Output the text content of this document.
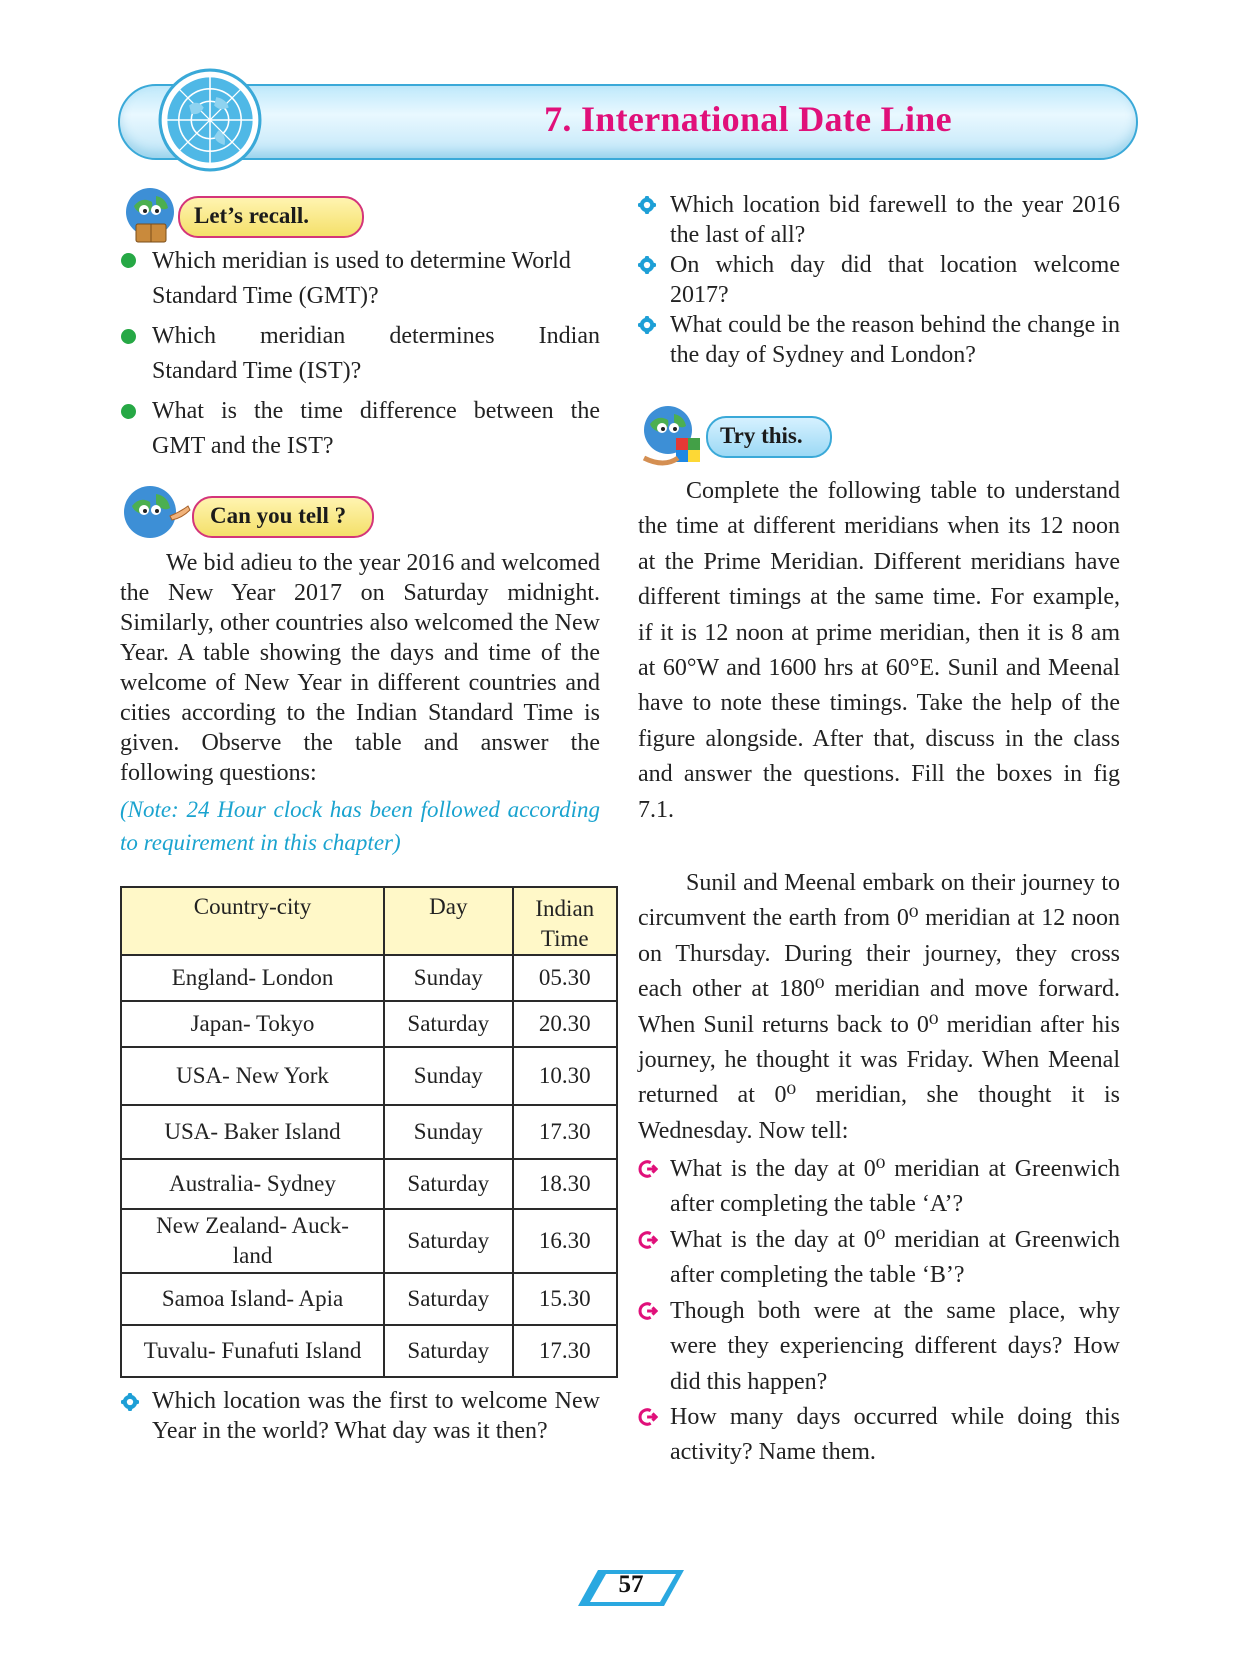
7. International Date Line
Let’s recall.
Which meridian is used to determine World
Standard Time (GMT)?
Which meridian determines Indian
Standard Time (IST)?
What is the time difference between the
GMT and the IST?
Can you tell ?
We bid adieu to the year 2016 and welcomed the New Year 2017 on Saturday midnight. Similarly, other countries also welcomed the New Year. A table showing the days and time of the welcome of New Year in different countries and cities according to the Indian Standard Time is given. Observe the table and answer the following questions:
(Note: 24 Hour clock has been followed according to requirement in this chapter)
Country-city	Day	Indian Time
England- London	Sunday	05.30
Japan- Tokyo	Saturday	20.30
USA- New York	Sunday	10.30
USA- Baker Island	Sunday	17.30
Australia- Sydney	Saturday	18.30
New Zealand- Auck-land	Saturday	16.30
Samoa Island- Apia	Saturday	15.30
Tuvalu- Funafuti Island	Saturday	17.30
Which location was the first to welcome New Year in the world? What day was it then?
Which location bid farewell to the year 2016 the last of all?
On which day did that location welcome 2017?
What could be the reason behind the change in the day of Sydney and London?
Try this.
Complete the following table to understand the time at different meridians when its 12 noon at the Prime Meridian. Different meridians have different timings at the same time. For example, if it is 12 noon at prime meridian, then it is 8 am at 60°W and 1600 hrs at 60°E. Sunil and Meenal have to note these timings. Take the help of the figure alongside. After that, discuss in the class and answer the questions. Fill the boxes in fig 7.1.
Sunil and Meenal embark on their journey to circumvent the earth from 0⁰ meridian at 12 noon on Thursday. During their journey, they cross each other at 180⁰ meridian and move forward. When Sunil returns back to 0⁰ meridian after his journey, he thought it was Friday. When Meenal returned at 0⁰ meridian, she thought it is Wednesday. Now tell:
What is the day at 0⁰ meridian at Greenwich after completing the table ‘A’?
What is the day at 0⁰ meridian at Greenwich after completing the table ‘B’?
Though both were at the same place, why were they experiencing different days? How did this happen?
How many days occurred while doing this activity? Name them.
57
